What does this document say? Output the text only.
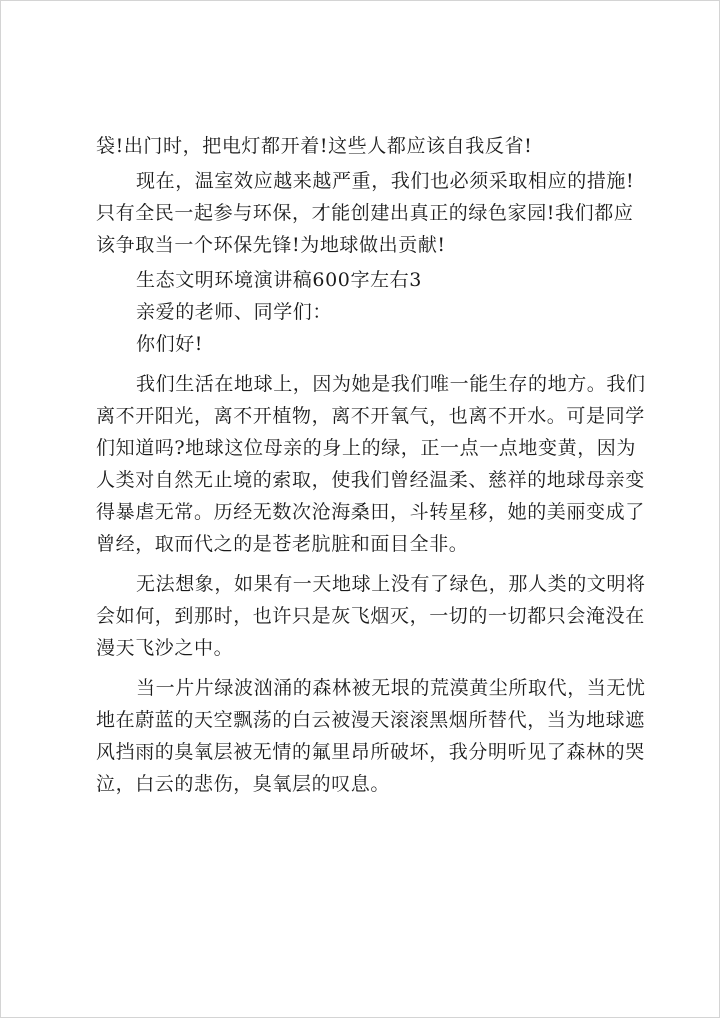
袋!出门时，把电灯都开着!这些人都应该自我反省!
现在，温室效应越来越严重，我们也必须采取相应的措施!
只有全民一起参与环保，才能创建出真正的绿色家园!我们都应
该争取当一个环保先锋!为地球做出贡献!
生态文明环境演讲稿600字左右3
亲爱的老师、同学们：
你们好!
我们生活在地球上，因为她是我们唯一能生存的地方。我们
离不开阳光，离不开植物，离不开氧气，也离不开水。可是同学
们知道吗?地球这位母亲的身上的绿，正一点一点地变黄，因为
人类对自然无止境的索取，使我们曾经温柔、慈祥的地球母亲变
得暴虐无常。历经无数次沧海桑田，斗转星移，她的美丽变成了
曾经，取而代之的是苍老肮脏和面目全非。
无法想象，如果有一天地球上没有了绿色，那人类的文明将
会如何，到那时，也许只是灰飞烟灭，一切的一切都只会淹没在
漫天飞沙之中。
当一片片绿波汹涌的森林被无垠的荒漠黄尘所取代，当无忧
地在蔚蓝的天空飘荡的白云被漫天滚滚黑烟所替代，当为地球遮
风挡雨的臭氧层被无情的氟里昂所破坏，我分明听见了森林的哭
泣，白云的悲伤，臭氧层的叹息。
